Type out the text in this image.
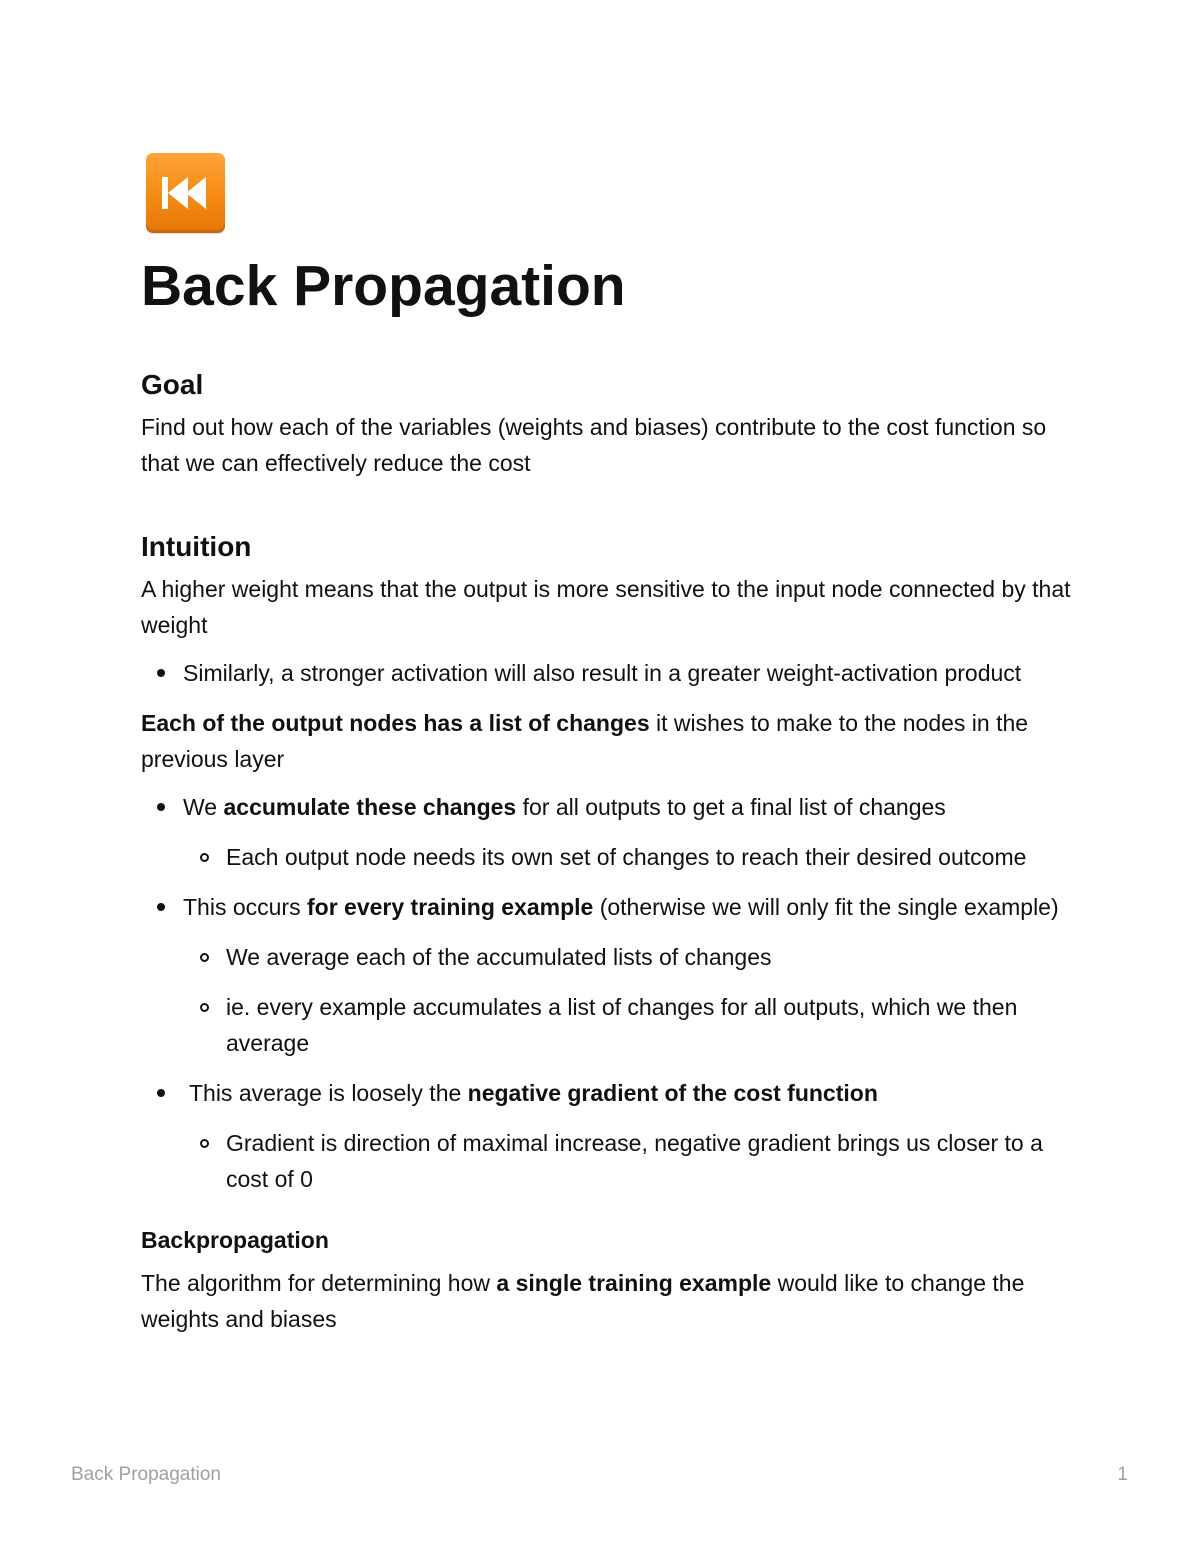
Back Propagation
Goal

Find out how each of the variables (weights and biases) contribute to the cost function so that we can effectively reduce the cost

Intuition

A higher weight means that the output is more sensitive to the input node connected by that weight

Similarly, a stronger activation will also result in a greater weight-activation product

Each of the output nodes has a list of changes it wishes to make to the nodes in the previous layer

We accumulate these changes for all outputs to get a final list of changes
Each output node needs its own set of changes to reach their desired outcome
This occurs for every training example (otherwise we will only fit the single example)
We average each of the accumulated lists of changes
ie. every example accumulates a list of changes for all outputs, which we then average
This average is loosely the negative gradient of the cost function
Gradient is direction of maximal increase, negative gradient brings us closer to a cost of 0
Backpropagation

The algorithm for determining how a single training example would like to change the weights and biases

Back Propagation	1
